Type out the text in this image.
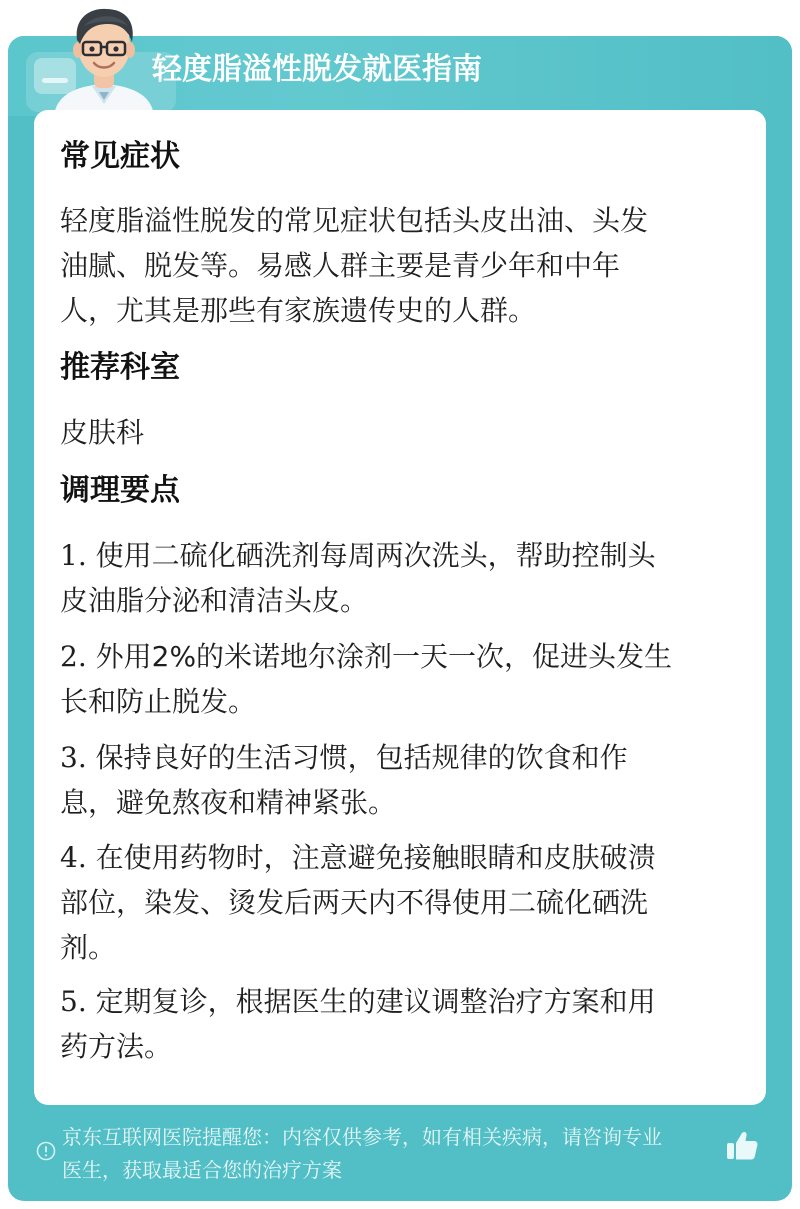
轻度脂溢性脱发就医指南
常见症状
轻度脂溢性脱发的常见症状包括头皮出油、头发
油腻、脱发等。易感人群主要是青少年和中年
人，尤其是那些有家族遗传史的人群。
推荐科室
皮肤科
调理要点
1. 使用二硫化硒洗剂每周两次洗头，帮助控制头
皮油脂分泌和清洁头皮。
2. 外用2%的米诺地尔涂剂一天一次，促进头发生
长和防止脱发。
3. 保持良好的生活习惯，包括规律的饮食和作
息，避免熬夜和精神紧张。
4. 在使用药物时，注意避免接触眼睛和皮肤破溃
部位，染发、烫发后两天内不得使用二硫化硒洗
剂。
5. 定期复诊，根据医生的建议调整治疗方案和用
药方法。
京东互联网医院提醒您：内容仅供参考，如有相关疾病，请咨询专业
医生，获取最适合您的治疗方案
